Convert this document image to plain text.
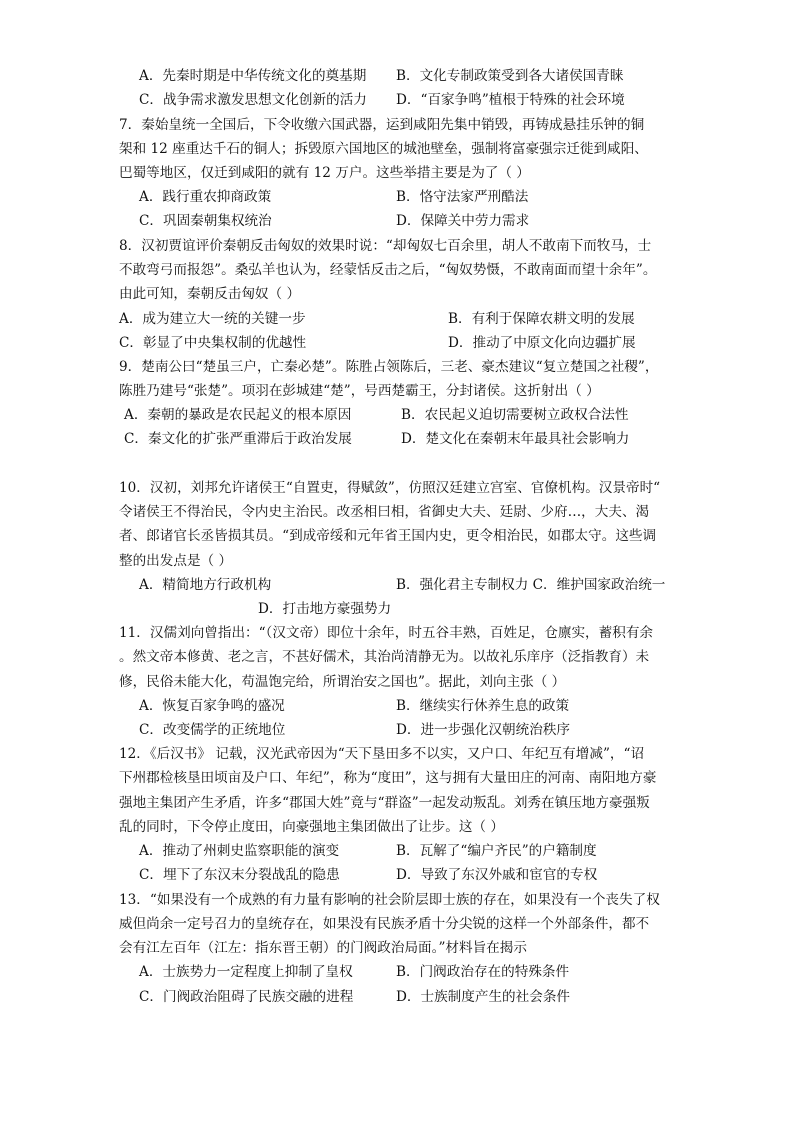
A．先秦时期是中华传统文化的奠基期 B．文化专制政策受到各大诸侯国青睐
C．战争需求激发思想文化创新的活力 D．“百家争鸣”植根于特殊的社会环境
7．秦始皇统一全国后，下令收缴六国武器，运到咸阳先集中销毁，再铸成悬挂乐钟的铜
架和 12 座重达千石的铜人；拆毁原六国地区的城池壁垒，强制将富豪强宗迁徙到咸阳、
巴蜀等地区，仅迁到咸阳的就有 12 万户。这些举措主要是为了（ ）
A．践行重农抑商政策	B．恪守法家严刑酷法
C．巩固秦朝集权统治	D．保障关中劳力需求
8．汉初贾谊评价秦朝反击匈奴的效果时说：“却匈奴七百余里，胡人不敢南下而牧马，士
不敢弯弓而报怨”。桑弘羊也认为，经蒙恬反击之后，“匈奴势慑，不敢南面而望十余年”。
由此可知，秦朝反击匈奴（ ）
A．成为建立大一统的关键一步	B．有利于保障农耕文明的发展
C．彰显了中央集权制的优越性	D．推动了中原文化向边疆扩展
9．楚南公曰“楚虽三户，亡秦必楚”。陈胜占领陈后，三老、豪杰建议“复立楚国之社稷”，
陈胜乃建号“张楚”。项羽在彭城建“楚”，号西楚霸王，分封诸侯。这折射出（ ）
A．秦朝的暴政是农民起义的根本原因	B．农民起义迫切需要树立政权合法性
C．秦文化的扩张严重滞后于政治发展	D．楚文化在秦朝末年最具社会影响力
10．汉初，刘邦允许诸侯王“自置吏，得赋敛”，仿照汉廷建立宫室、官僚机构。汉景帝时“
令诸侯王不得治民，令内史主治民。改丞相曰相，省御史大夫、廷尉、少府…，大夫、渴
者、郎诸官长丞皆损其员。“到成帝绥和元年省王国内史，更令相治民，如郡太守。这些调
整的出发点是（ ）
A．精简地方行政机构	B．强化君主专制权力 C．维护国家政治统一
D．打击地方豪强势力
11．汉儒刘向曾指出：“（汉文帝）即位十余年，时五谷丰熟，百姓足，仓廪实，蓄积有余
。然文帝本修黄、老之言，不甚好儒术，其治尚清静无为。以故礼乐庠序（泛指教育）未
修，民俗未能大化，苟温饱完给，所谓治安之国也”。据此，刘向主张（ ）
A．恢复百家争鸣的盛况	B．继续实行休养生息的政策
C．改变儒学的正统地位	D．进一步强化汉朝统治秩序
12．《后汉书》 记载，汉光武帝因为“天下垦田多不以实，又户口、年纪互有增减”，“诏
下州郡检核垦田顷亩及户口、年纪”，称为“度田”，这与拥有大量田庄的河南、南阳地方豪
强地主集团产生矛盾，许多“郡国大姓”竟与“群盗”一起发动叛乱。刘秀在镇压地方豪强叛
乱的同时，下令停止度田，向豪强地主集团做出了让步。这（ ）
A．推动了州刺史监察职能的演变	B．瓦解了“编户齐民”的户籍制度
C．埋下了东汉末分裂战乱的隐患	D．导致了东汉外戚和宦官的专权
13．“如果没有一个成熟的有力量有影响的社会阶层即士族的存在，如果没有一个丧失了权
威但尚余一定号召力的皇统存在，如果没有民族矛盾十分尖锐的这样一个外部条件，都不
会有江左百年（江左：指东晋王朝）的门阀政治局面。”材料旨在揭示
A．士族势力一定程度上抑制了皇权	B．门阀政治存在的特殊条件
C．门阀政治阻碍了民族交融的进程	D．士族制度产生的社会条件
